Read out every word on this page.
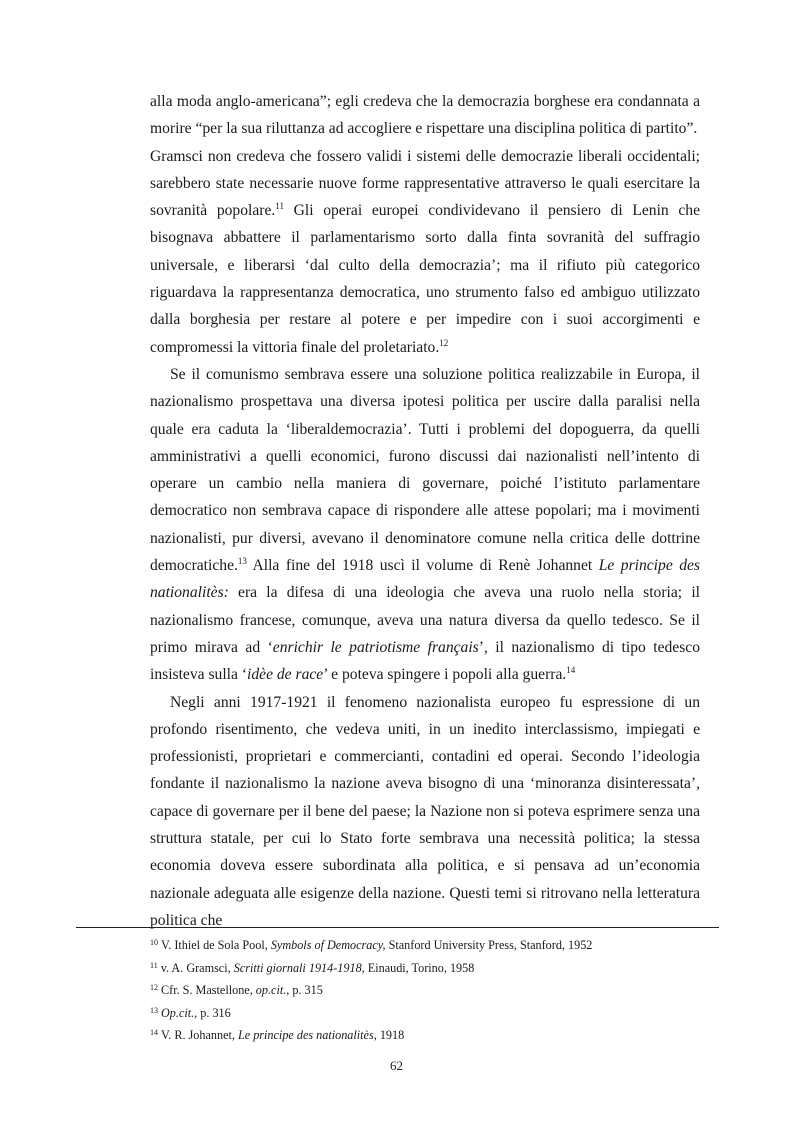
alla moda anglo-americana”; egli credeva che la democrazia borghese era condannata a morire “per la sua riluttanza ad accogliere e rispettare una disciplina politica di partito”.

Gramsci non credeva che fossero validi i sistemi delle democrazie liberali occidentali; sarebbero state necessarie nuove forme rappresentative attraverso le quali esercitare la sovranità popolare.$^{11}$ Gli operai europei condividevano il pensiero di Lenin che bisognava abbattere il parlamentarismo sorto dalla finta sovranità del suffragio universale, e liberarsi ‘dal culto della democrazia’; ma il rifiuto più categorico riguardava la rappresentanza democratica, uno strumento falso ed ambiguo utilizzato dalla borghesia per restare al potere e per impedire con i suoi accorgimenti e compromessi la vittoria finale del proletariato.$^{12}$

Se il comunismo sembrava essere una soluzione politica realizzabile in Europa, il nazionalismo prospettava una diversa ipotesi politica per uscire dalla paralisi nella quale era caduta la ‘liberaldemocrazia’. Tutti i problemi del dopoguerra, da quelli amministrativi a quelli economici, furono discussi dai nazionalisti nell’intento di operare un cambio nella maniera di governare, poiché l’istituto parlamentare democratico non sembrava capace di rispondere alle attese popolari; ma i movimenti nazionalisti, pur diversi, avevano il denominatore comune nella critica delle dottrine democratiche.$^{13}$ Alla fine del 1918 uscì il volume di Renè Johannet Le principe des nationalitès: era la difesa di una ideologia che aveva una ruolo nella storia; il nazionalismo francese, comunque, aveva una natura diversa da quello tedesco. Se il primo mirava ad ‘enrichir le patriotisme français’, il nazionalismo di tipo tedesco insisteva sulla ‘idèe de race’ e poteva spingere i popoli alla guerra.$^{14}$

Negli anni 1917-1921 il fenomeno nazionalista europeo fu espressione di un profondo risentimento, che vedeva uniti, in un inedito interclassismo, impiegati e professionisti, proprietari e commercianti, contadini ed operai. Secondo l’ideologia fondante il nazionalismo la nazione aveva bisogno di una ‘minoranza disinteressata’, capace di governare per il bene del paese; la Nazione non si poteva esprimere senza una struttura statale, per cui lo Stato forte sembrava una necessità politica; la stessa economia doveva essere subordinata alla politica, e si pensava ad un’economia nazionale adeguata alle esigenze della nazione. Questi temi si ritrovano nella letteratura politica che

$^{10}$ V. Ithiel de Sola Pool, Symbols of Democracy, Stanford University Press, Stanford, 1952
$^{11}$ v. A. Gramsci, Scritti giornali 1914-1918, Einaudi, Torino, 1958
$^{12}$ Cfr. S. Mastellone, op.cit., p. 315
$^{13}$ Op.cit., p. 316
$^{14}$ V. R. Johannet, Le principe des nationalitès, 1918
62
